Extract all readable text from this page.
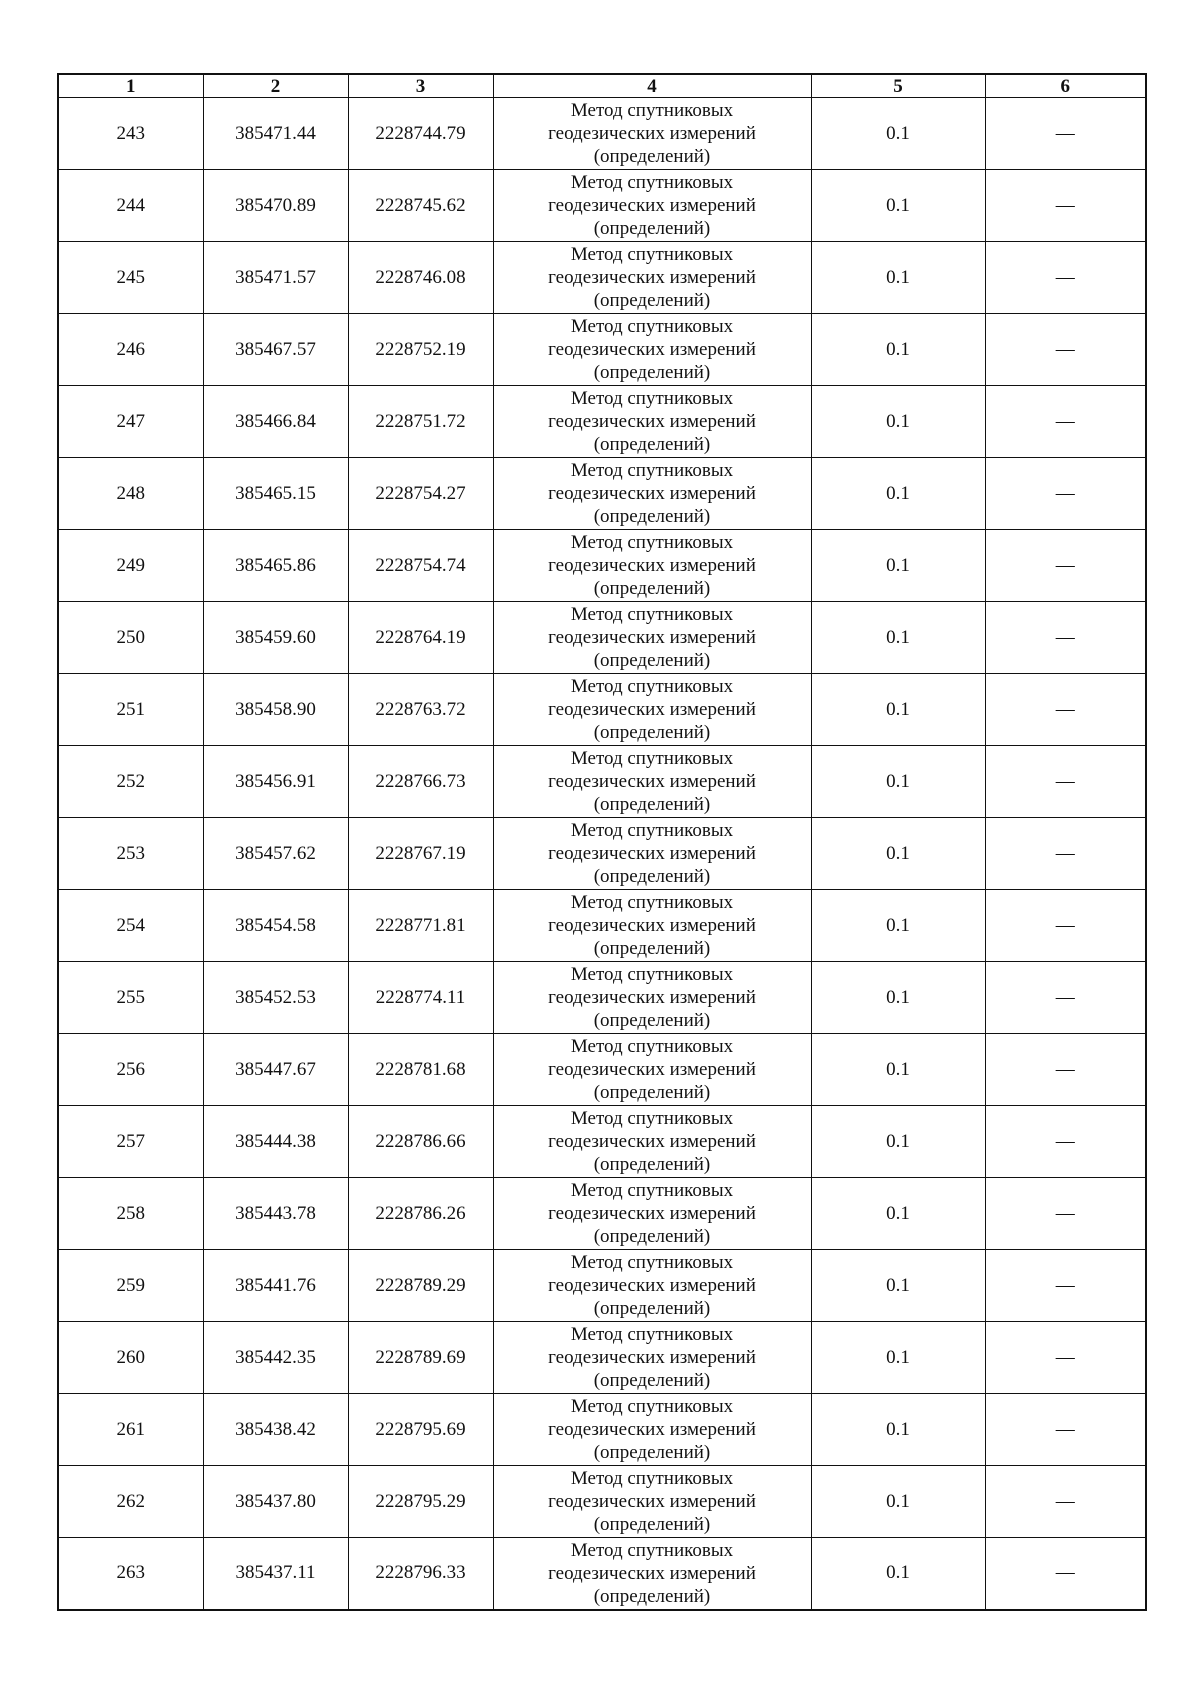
1	2	3	4	5	6
243	385471.44	2228744.79	Метод спутниковых
геодезических измерений
(определений)	0.1	—
244	385470.89	2228745.62	Метод спутниковых
геодезических измерений
(определений)	0.1	—
245	385471.57	2228746.08	Метод спутниковых
геодезических измерений
(определений)	0.1	—
246	385467.57	2228752.19	Метод спутниковых
геодезических измерений
(определений)	0.1	—
247	385466.84	2228751.72	Метод спутниковых
геодезических измерений
(определений)	0.1	—
248	385465.15	2228754.27	Метод спутниковых
геодезических измерений
(определений)	0.1	—
249	385465.86	2228754.74	Метод спутниковых
геодезических измерений
(определений)	0.1	—
250	385459.60	2228764.19	Метод спутниковых
геодезических измерений
(определений)	0.1	—
251	385458.90	2228763.72	Метод спутниковых
геодезических измерений
(определений)	0.1	—
252	385456.91	2228766.73	Метод спутниковых
геодезических измерений
(определений)	0.1	—
253	385457.62	2228767.19	Метод спутниковых
геодезических измерений
(определений)	0.1	—
254	385454.58	2228771.81	Метод спутниковых
геодезических измерений
(определений)	0.1	—
255	385452.53	2228774.11	Метод спутниковых
геодезических измерений
(определений)	0.1	—
256	385447.67	2228781.68	Метод спутниковых
геодезических измерений
(определений)	0.1	—
257	385444.38	2228786.66	Метод спутниковых
геодезических измерений
(определений)	0.1	—
258	385443.78	2228786.26	Метод спутниковых
геодезических измерений
(определений)	0.1	—
259	385441.76	2228789.29	Метод спутниковых
геодезических измерений
(определений)	0.1	—
260	385442.35	2228789.69	Метод спутниковых
геодезических измерений
(определений)	0.1	—
261	385438.42	2228795.69	Метод спутниковых
геодезических измерений
(определений)	0.1	—
262	385437.80	2228795.29	Метод спутниковых
геодезических измерений
(определений)	0.1	—
263	385437.11	2228796.33	Метод спутниковых
геодезических измерений
(определений)	0.1	—
